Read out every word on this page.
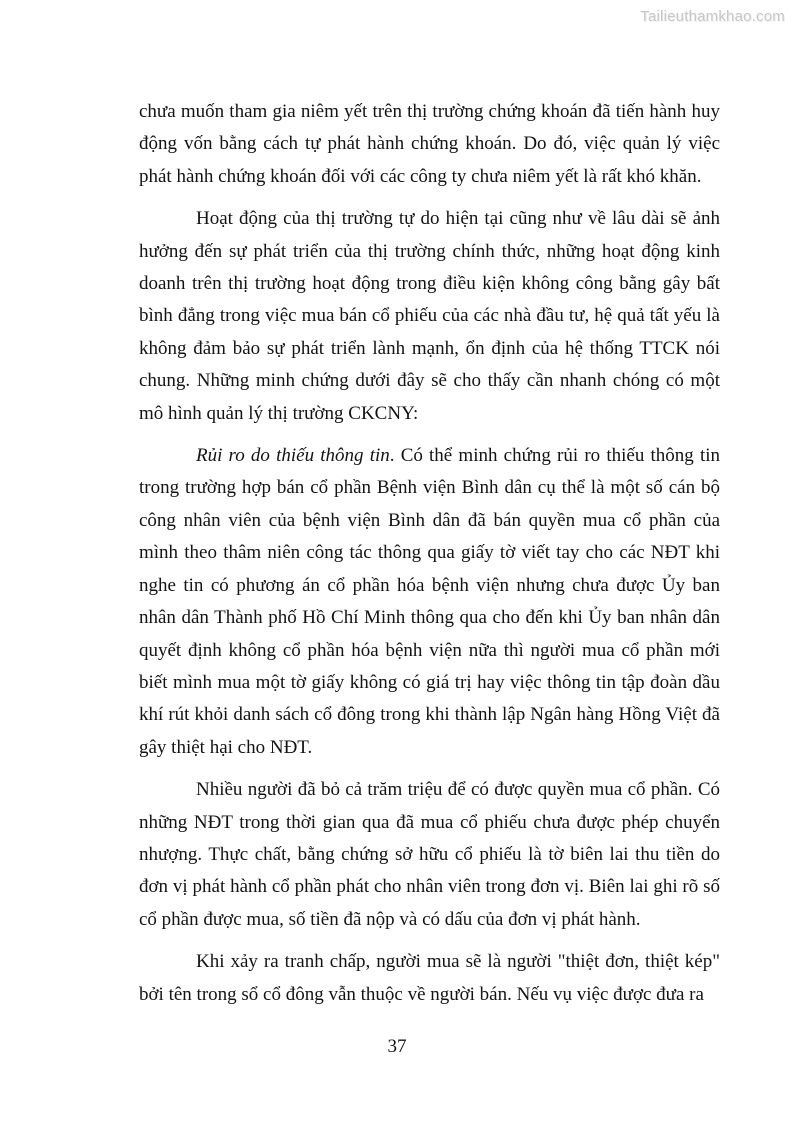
Tailieuthamkhao.com

chưa muốn tham gia niêm yết trên thị trường chứng khoán đã tiến hành huy động vốn bằng cách tự phát hành chứng khoán. Do đó, việc quản lý việc phát hành chứng khoán đối với các công ty chưa niêm yết là rất khó khăn.

Hoạt động của thị trường tự do hiện tại cũng như về lâu dài sẽ ảnh hưởng đến sự phát triển của thị trường chính thức, những hoạt động kinh doanh trên thị trường hoạt động trong điều kiện không công bằng gây bất bình đẳng trong việc mua bán cổ phiếu của các nhà đầu tư, hệ quả tất yếu là không đảm bảo sự phát triển lành mạnh, ổn định của hệ thống TTCK nói chung. Những minh chứng dưới đây sẽ cho thấy cần nhanh chóng có một mô hình quản lý thị trường CKCNY:

Rủi ro do thiếu thông tin. Có thể minh chứng rủi ro thiếu thông tin trong trường hợp bán cổ phần Bệnh viện Bình dân cụ thể là một số cán bộ công nhân viên của bệnh viện Bình dân đã bán quyền mua cổ phần của mình theo thâm niên công tác thông qua giấy tờ viết tay cho các NĐT khi nghe tin có phương án cổ phần hóa bệnh viện nhưng chưa được Ủy ban nhân dân Thành phố Hồ Chí Minh thông qua cho đến khi Ủy ban nhân dân quyết định không cổ phần hóa bệnh viện nữa thì người mua cổ phần mới biết mình mua một tờ giấy không có giá trị hay việc thông tin tập đoàn dầu khí rút khỏi danh sách cổ đông trong khi thành lập Ngân hàng Hồng Việt đã gây thiệt hại cho NĐT.

Nhiều người đã bỏ cả trăm triệu để có được quyền mua cổ phần. Có những NĐT trong thời gian qua đã mua cổ phiếu chưa được phép chuyển nhượng. Thực chất, bằng chứng sở hữu cổ phiếu là tờ biên lai thu tiền do đơn vị phát hành cổ phần phát cho nhân viên trong đơn vị. Biên lai ghi rõ số cổ phần được mua, số tiền đã nộp và có dấu của đơn vị phát hành.

Khi xảy ra tranh chấp, người mua sẽ là người "thiệt đơn, thiệt kép" bởi tên trong sổ cổ đông vẫn thuộc về người bán. Nếu vụ việc được đưa ra

37
